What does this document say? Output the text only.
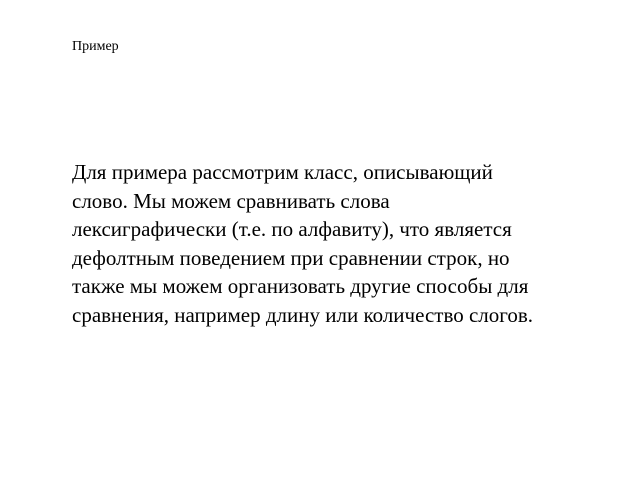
Пример

Для примера рассмотрим класс, описывающий
слово. Мы можем сравнивать слова
лексиграфически (т.е. по алфавиту), что является
дефолтным поведением при сравнении строк, но
также мы можем организовать другие способы для
сравнения, например длину или количество слогов.
